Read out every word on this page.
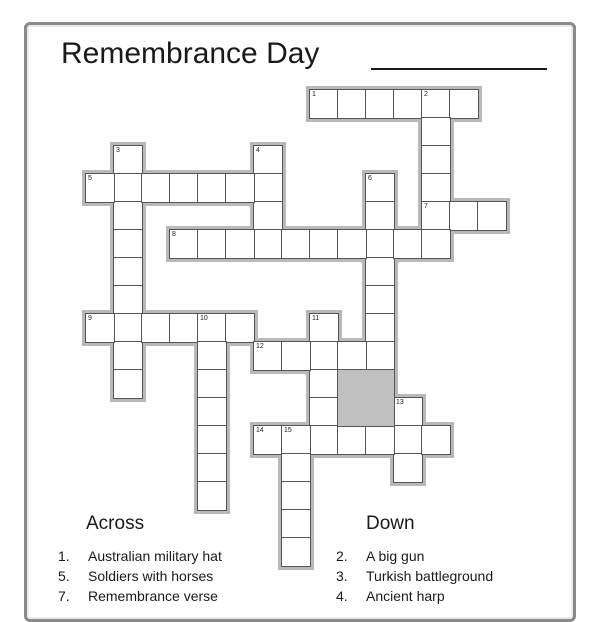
Remembrance Day
1	2
7
3	4
5	6
8
9	10	11
12
13
14	15
Across
1. Australian military hat
5. Soldiers with horses
7. Remembrance verse
Down
2. A big gun
3. Turkish battleground
4. Ancient harp
